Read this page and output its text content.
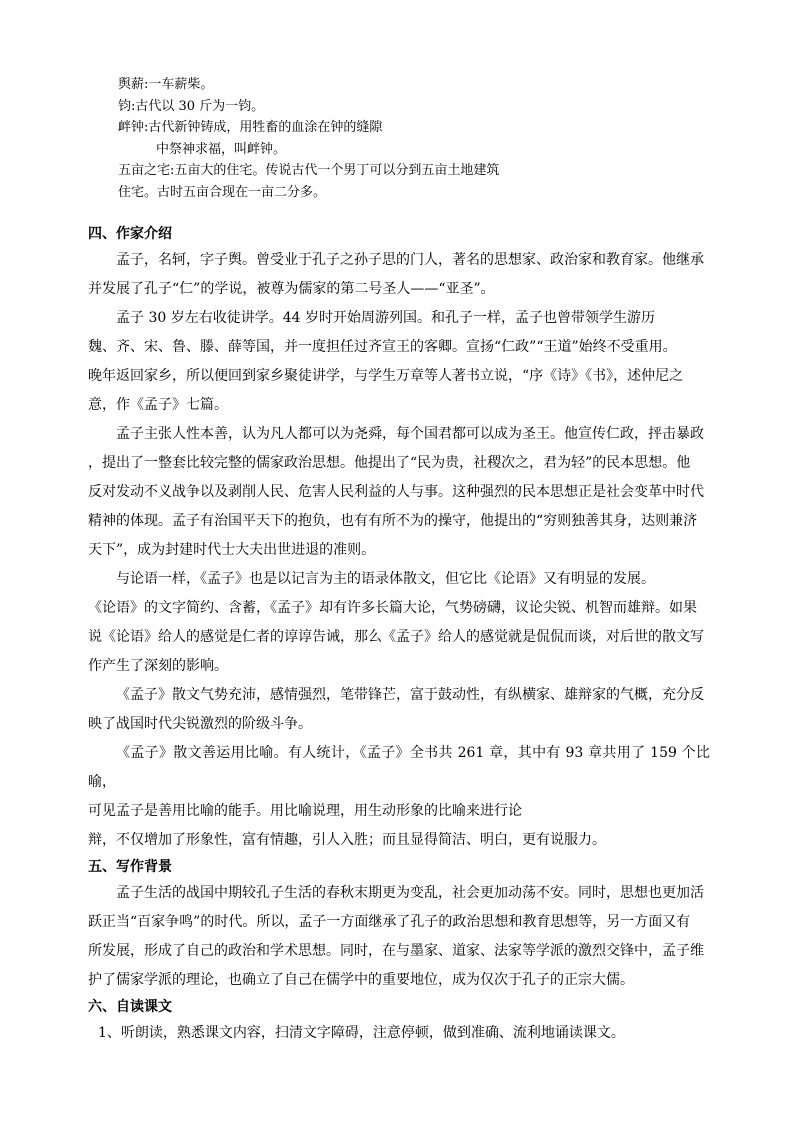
舆薪:一车薪柴。
钧:古代以 30 斤为一钧。
衅钟:古代新钟铸成，用牲畜的血涂在钟的缝隙
中祭神求福，叫衅钟。
五亩之宅:五亩大的住宅。传说古代一个男丁可以分到五亩土地建筑
住宅。古时五亩合现在一亩二分多。
四、作家介绍
孟子，名轲，字子舆。曾受业于孔子之孙子思的门人，著名的思想家、政治家和教育家。他继承
并发展了孔子“仁”的学说，被尊为儒家的第二号圣人——“亚圣”。
孟子 30 岁左右收徒讲学。44 岁时开始周游列国。和孔子一样，孟子也曾带领学生游历
魏、齐、宋、鲁、滕、薛等国，并一度担任过齐宣王的客卿。宣扬“仁政”“王道”始终不受重用。
晚年返回家乡，所以便回到家乡聚徒讲学，与学生万章等人著书立说，“序《诗》《书》，述仲尼之
意，作《孟子》七篇。
孟子主张人性本善，认为凡人都可以为尧舜，每个国君都可以成为圣王。他宣传仁政，抨击暴政
，提出了一整套比较完整的儒家政治思想。他提出了“民为贵，社稷次之，君为轻”的民本思想。他
反对发动不义战争以及剥削人民、危害人民利益的人与事。这种强烈的民本思想正是社会变革中时代
精神的体现。孟子有治国平天下的抱负，也有有所不为的操守，他提出的“穷则独善其身，达则兼济
天下”，成为封建时代士大夫出世进退的准则。
与论语一样，《孟子》也是以记言为主的语录体散文，但它比《论语》又有明显的发展。
《论语》的文字简约、含蓄，《孟子》却有许多长篇大论，气势磅礴，议论尖锐、机智而雄辩。如果
说《论语》给人的感觉是仁者的谆谆告诫，那么《孟子》给人的感觉就是侃侃而谈，对后世的散文写
作产生了深刻的影响。
《孟子》散文气势充沛，感情强烈，笔带锋芒，富于鼓动性，有纵横家、雄辩家的气概，充分反
映了战国时代尖锐激烈的阶级斗争。
《孟子》散文善运用比喻。有人统计，《孟子》全书共 261 章，其中有 93 章共用了 159 个比喻，
可见孟子是善用比喻的能手。用比喻说理，用生动形象的比喻来进行论
辩，不仅增加了形象性，富有情趣，引人入胜；而且显得简洁、明白，更有说服力。
五、写作背景
孟子生活的战国中期较孔子生活的春秋末期更为变乱，社会更加动荡不安。同时，思想也更加活
跃正当“百家争鸣”的时代。所以，孟子一方面继承了孔子的政治思想和教育思想等，另一方面又有
所发展，形成了自己的政治和学术思想。同时，在与墨家、道家、法家等学派的激烈交锋中，孟子维
护了儒家学派的理论，也确立了自己在儒学中的重要地位，成为仅次于孔子的正宗大儒。
六、自读课文
1、听朗读，熟悉课文内容，扫清文字障碍，注意停顿，做到准确、流利地诵读课文。
